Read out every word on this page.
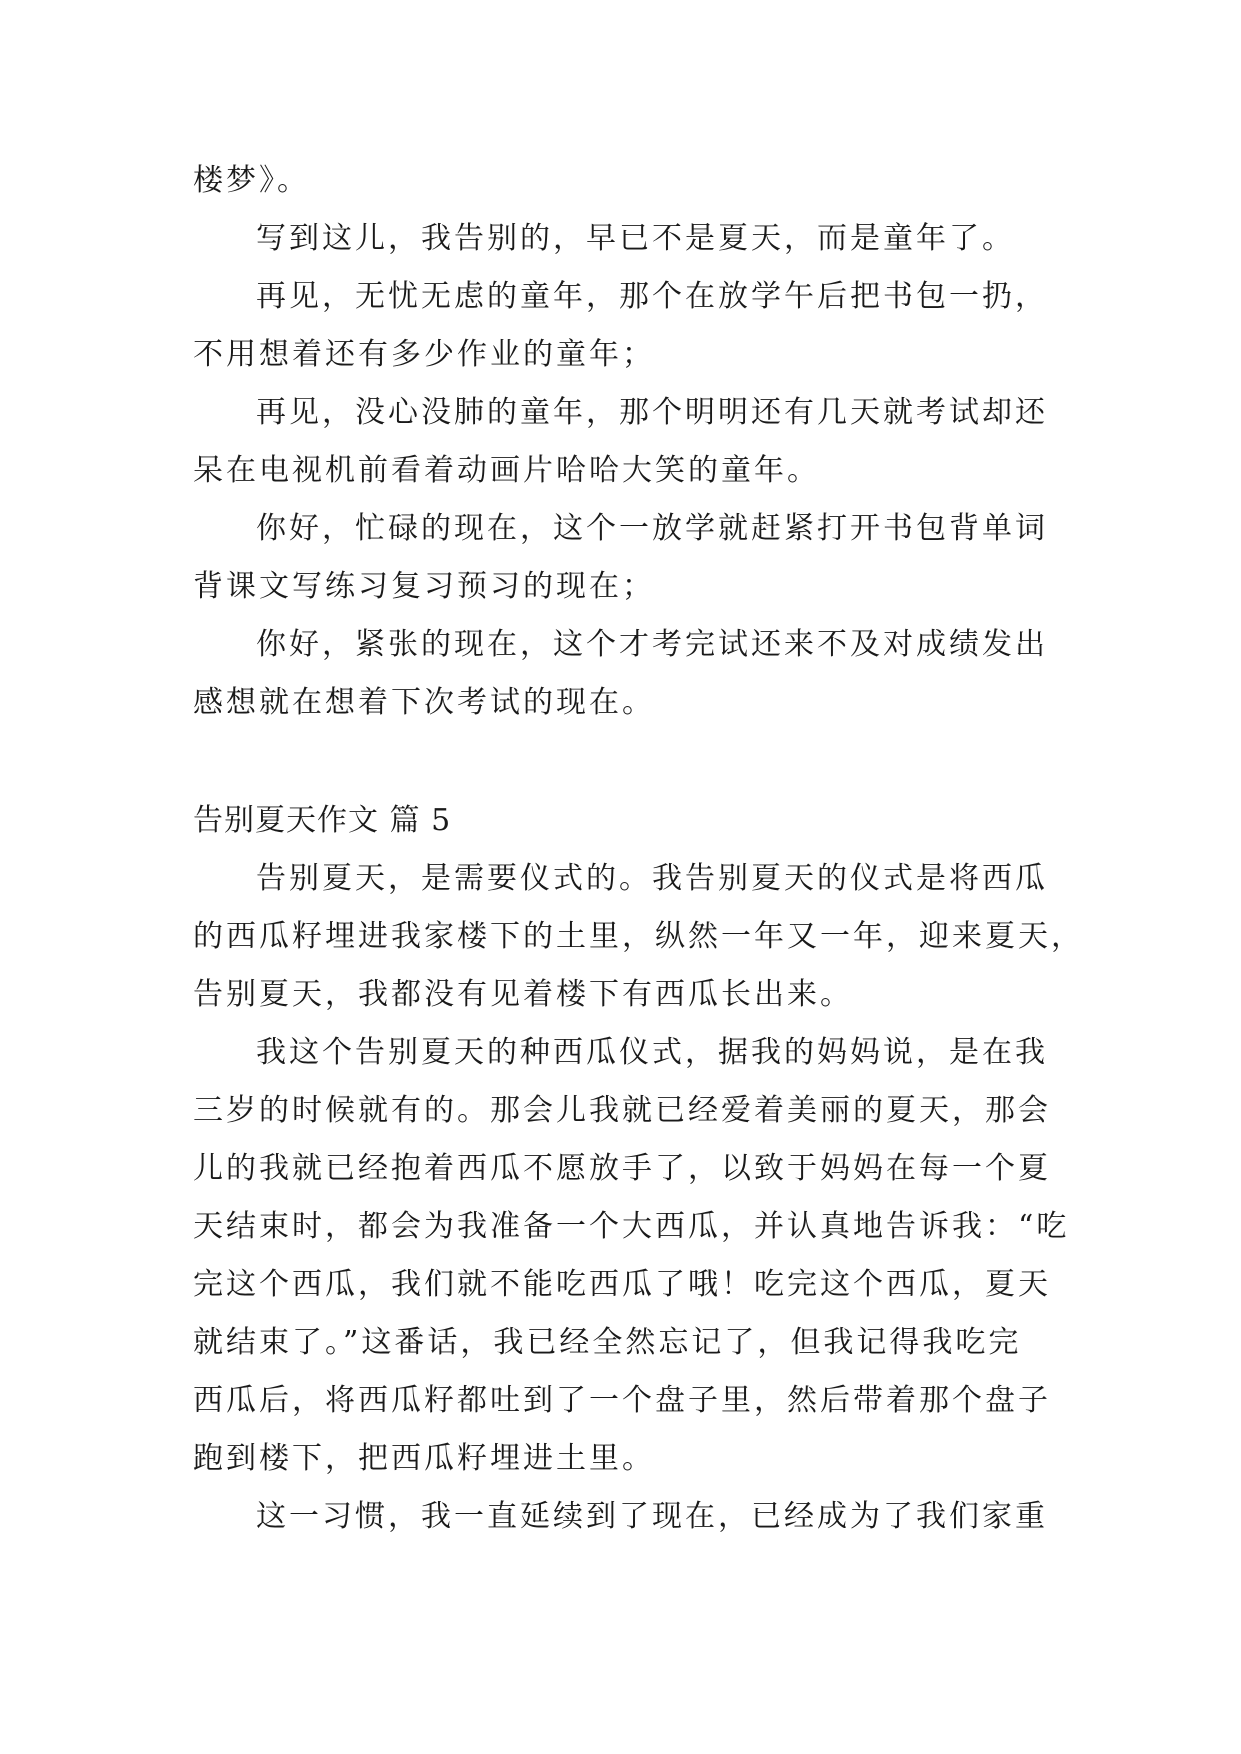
楼梦》。
写到这儿，我告别的，早已不是夏天，而是童年了。
再见，无忧无虑的童年，那个在放学午后把书包一扔，
不用想着还有多少作业的童年；
再见，没心没肺的童年，那个明明还有几天就考试却还
呆在电视机前看着动画片哈哈大笑的童年。
你好，忙碌的现在，这个一放学就赶紧打开书包背单词
背课文写练习复习预习的现在；
你好，紧张的现在，这个才考完试还来不及对成绩发出
感想就在想着下次考试的现在。
告别夏天作文 篇 5
告别夏天，是需要仪式的。我告别夏天的仪式是将西瓜
的西瓜籽埋进我家楼下的土里，纵然一年又一年，迎来夏天，
告别夏天，我都没有见着楼下有西瓜长出来。
我这个告别夏天的种西瓜仪式，据我的妈妈说，是在我
三岁的时候就有的。那会儿我就已经爱着美丽的夏天，那会
儿的我就已经抱着西瓜不愿放手了，以致于妈妈在每一个夏
天结束时，都会为我准备一个大西瓜，并认真地告诉我：“吃
完这个西瓜，我们就不能吃西瓜了哦！吃完这个西瓜，夏天
就结束了。”这番话，我已经全然忘记了，但我记得我吃完
西瓜后，将西瓜籽都吐到了一个盘子里，然后带着那个盘子
跑到楼下，把西瓜籽埋进土里。
这一习惯，我一直延续到了现在，已经成为了我们家重
